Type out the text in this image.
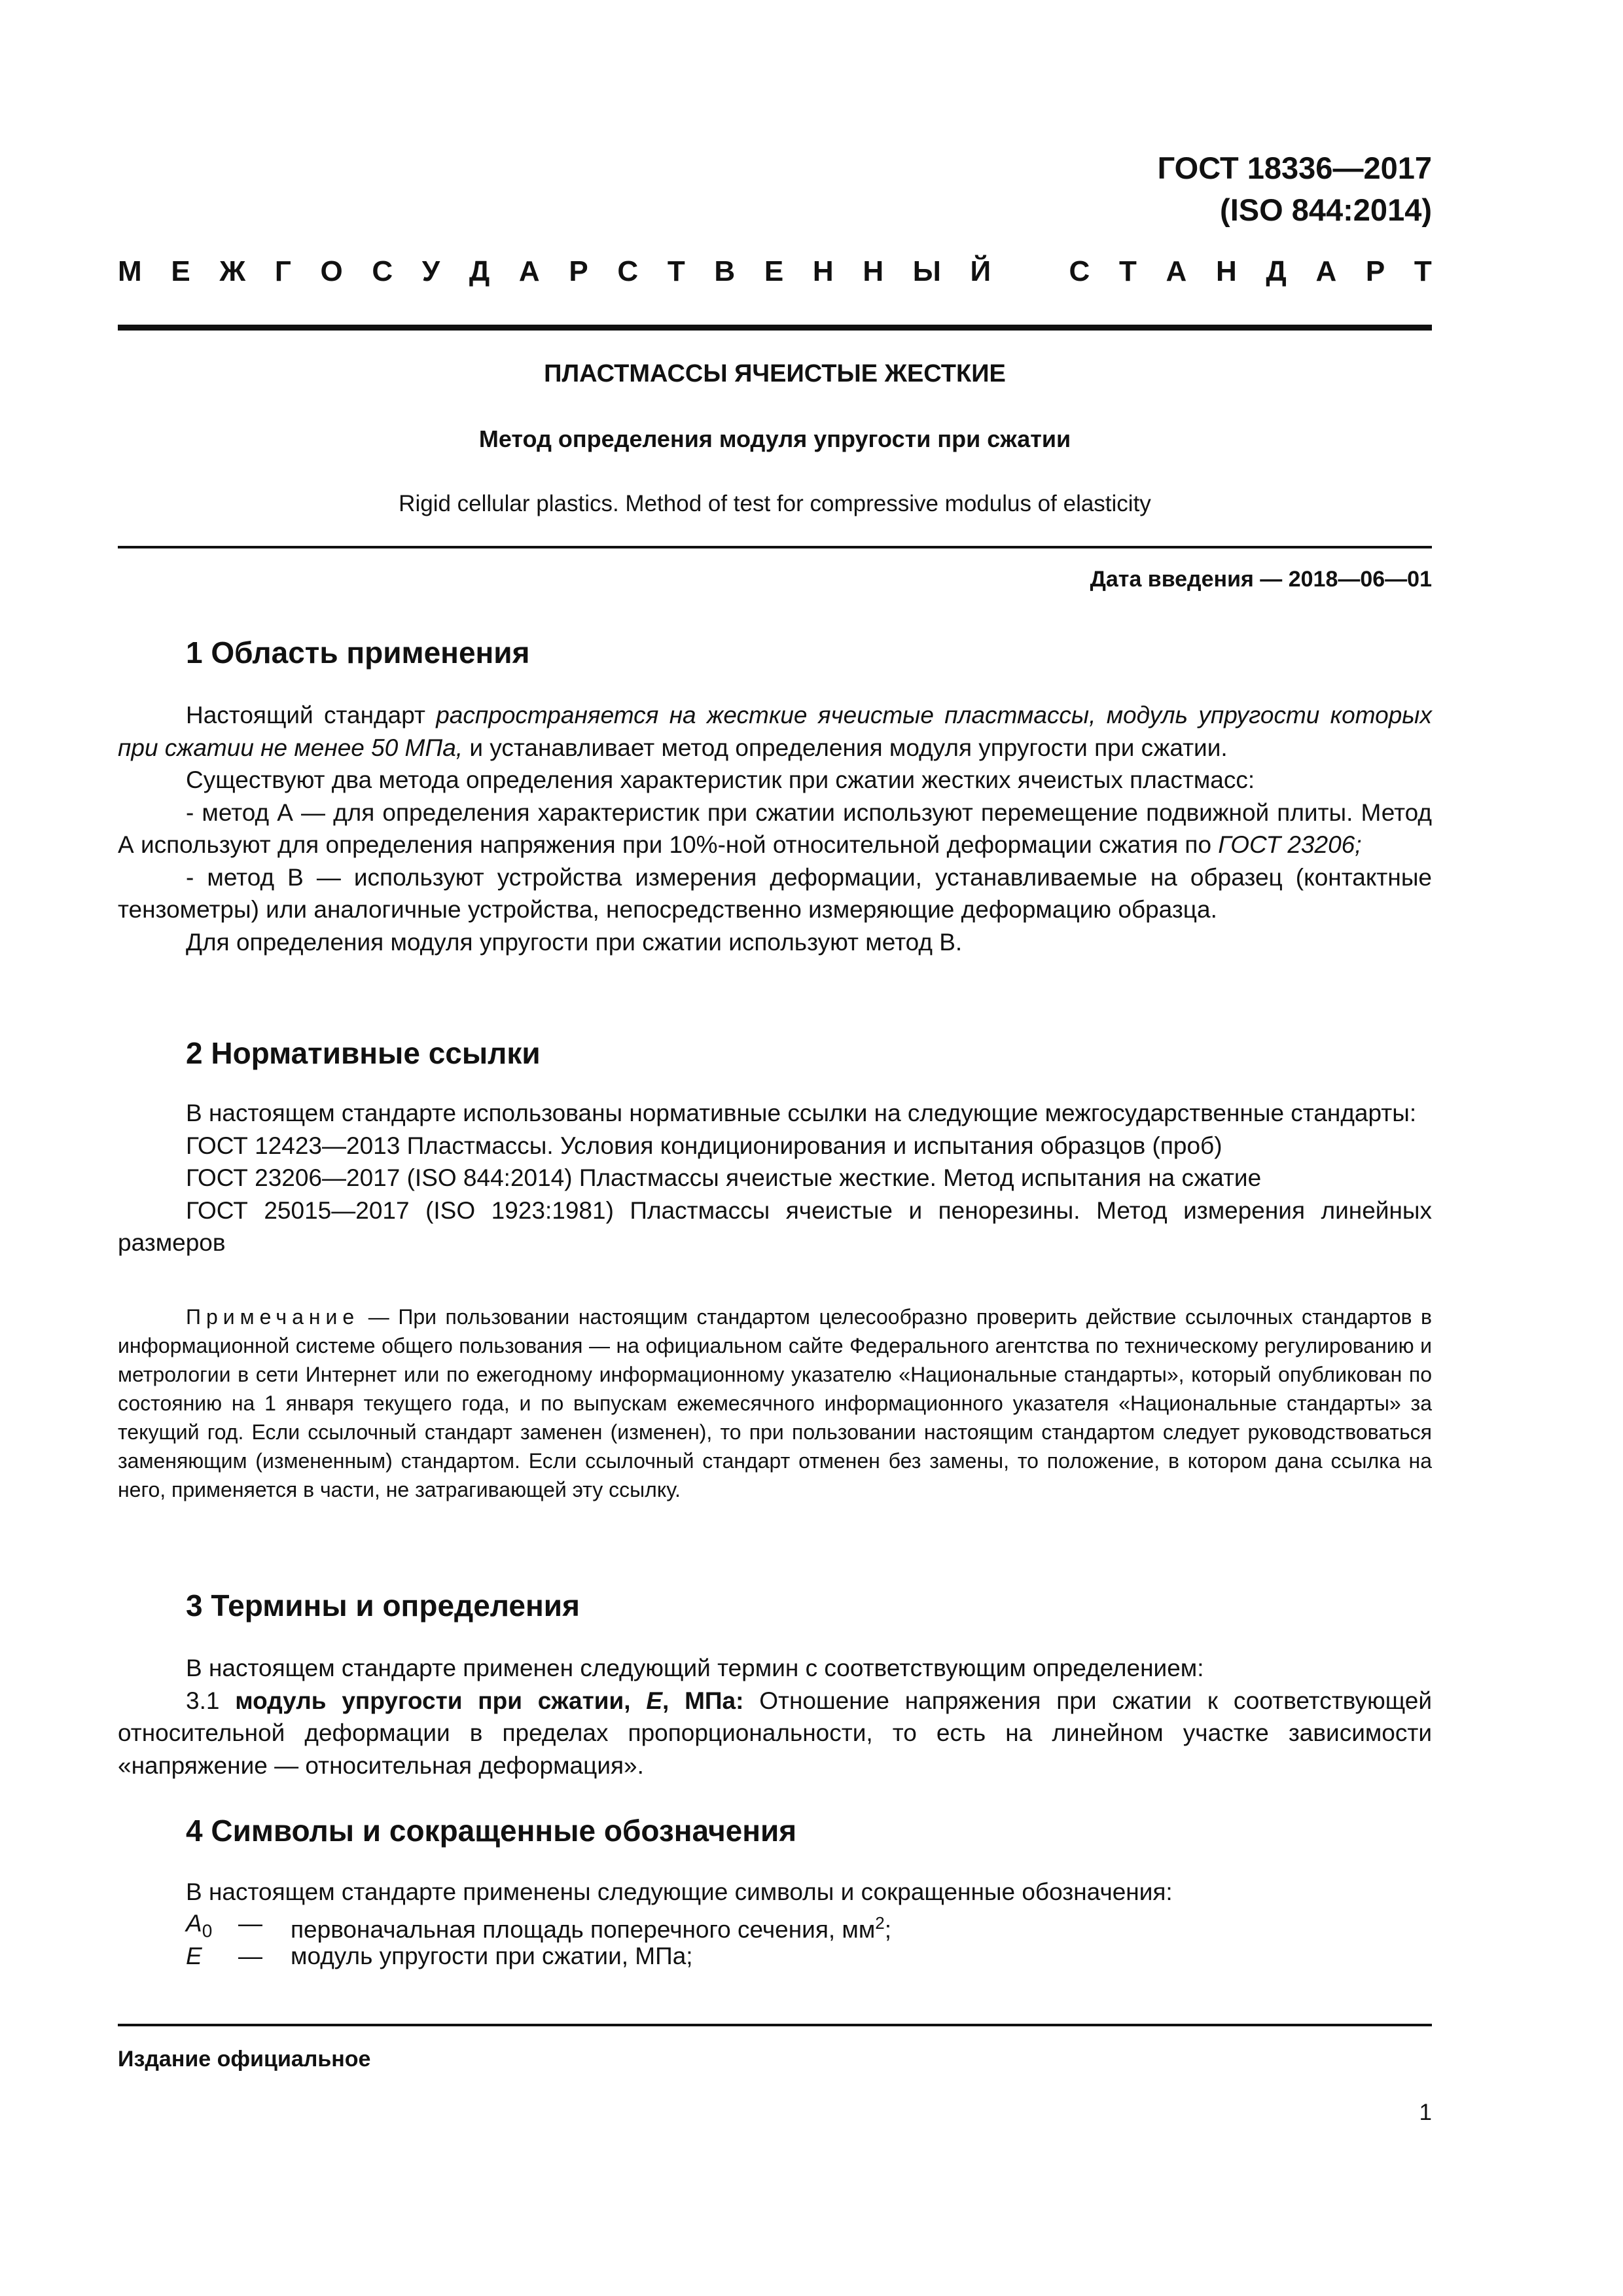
ГОСТ 18336—2017
(ISO 844:2014)
М Е Ж Г О С У Д А Р С Т В Е Н Н Ы Й	С Т А Н Д А Р Т
ПЛАСТМАССЫ ЯЧЕИСТЫЕ ЖЕСТКИЕ
Метод определения модуля упругости при сжатии
Rigid cellular plastics. Method of test for compressive modulus of elasticity
Дата введения — 2018—06—01
1 Область применения

Настоящий стандарт распространяется на жесткие ячеистые пластмассы, модуль упругости которых при сжатии не менее 50 МПа, и устанавливает метод определения модуля упругости при сжатии.

Существуют два метода определения характеристик при сжатии жестких ячеистых пластмасс:

- метод А — для определения характеристик при сжатии используют перемещение подвижной плиты. Метод А используют для определения напряжения при 10%-ной относительной деформации сжатия по ГОСТ 23206;

- метод В — используют устройства измерения деформации, устанавливаемые на образец (контактные тензометры) или аналогичные устройства, непосредственно измеряющие деформацию образца.

Для определения модуля упругости при сжатии используют метод В.

2 Нормативные ссылки

В настоящем стандарте использованы нормативные ссылки на следующие межгосударственные стандарты:

ГОСТ 12423—2013 Пластмассы. Условия кондиционирования и испытания образцов (проб)

ГОСТ 23206—2017 (ISO 844:2014) Пластмассы ячеистые жесткие. Метод испытания на сжатие

ГОСТ 25015—2017 (ISO 1923:1981) Пластмассы ячеистые и пенорезины. Метод измерения линейных размеров

Примечание — При пользовании настоящим стандартом целесообразно проверить действие ссылочных стандартов в информационной системе общего пользования — на официальном сайте Федерального агентства по техническому регулированию и метрологии в сети Интернет или по ежегодному информационному указателю «Национальные стандарты», который опубликован по состоянию на 1 января текущего года, и по выпускам ежемесячного информационного указателя «Национальные стандарты» за текущий год. Если ссылочный стандарт заменен (изменен), то при пользовании настоящим стандартом следует руководствоваться заменяющим (измененным) стандартом. Если ссылочный стандарт отменен без замены, то положение, в котором дана ссылка на него, применяется в части, не затрагивающей эту ссылку.

3 Термины и определения

В настоящем стандарте применен следующий термин с соответствующим определением:

3.1 модуль упругости при сжатии, E, МПа: Отношение напряжения при сжатии к соответствующей относительной деформации в пределах пропорциональности, то есть на линейном участке зависимости «напряжение — относительная деформация».

4 Символы и сокращенные обозначения

В настоящем стандарте применены следующие символы и сокращенные обозначения:

$A_0$	—	первоначальная площадь поперечного сечения, $мм^2$;
E	—	модуль упругости при сжатии, МПа;
Издание официальное
1
